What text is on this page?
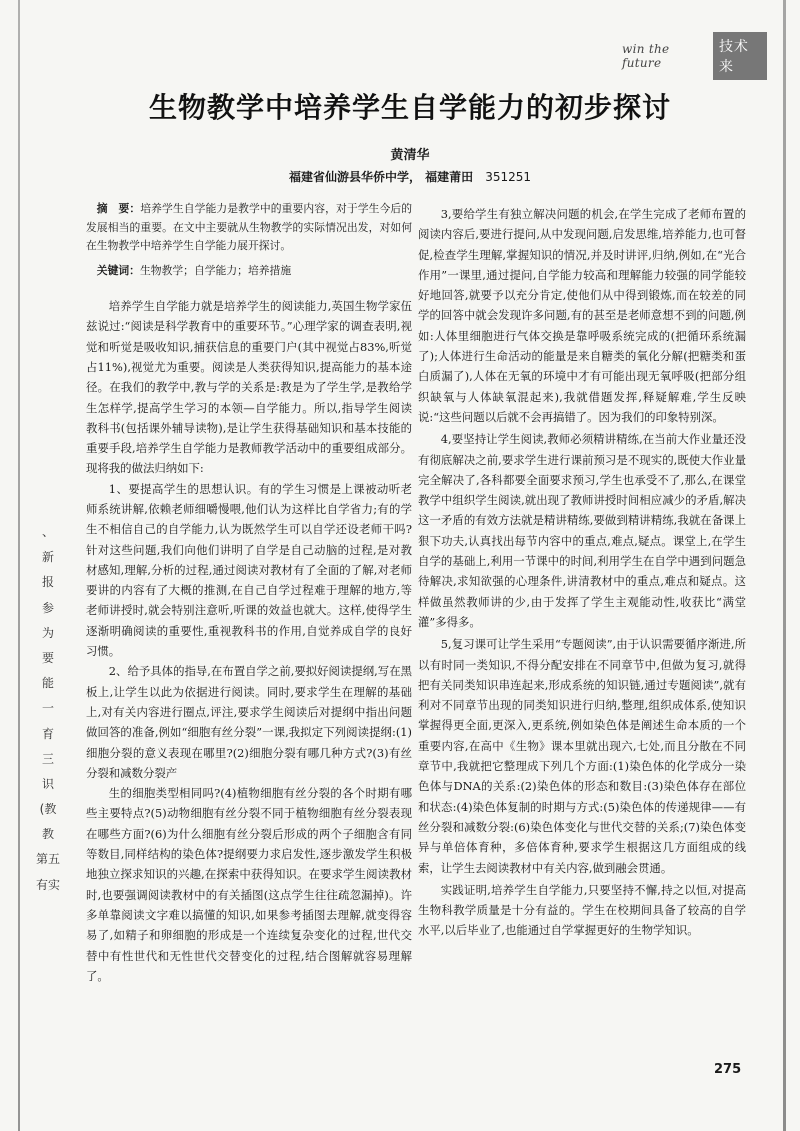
win the future
技术来
生物教学中培养学生自学能力的初步探讨
黄清华
福建省仙游县华侨中学， 福建莆田 351251
、
新
报
参
为
要
能
一
育
三
识
(教
教
第五
有实

摘　要：培养学生自学能力是教学中的重要内容，对于学生今后的发展相当的重要。在文中主要就从生物教学的实际情况出发，对如何在生物教学中培养学生自学能力展开探讨。

关键词：生物教学；自学能力；培养措施

培养学生自学能力就是培养学生的阅读能力,英国生物学家伍兹说过:“阅读是科学教育中的重要环节。”心理学家的调查表明,视觉和听觉是吸收知识,捕获信息的重要门户(其中视觉占83%,听觉占11%),视觉尤为重要。阅读是人类获得知识,提高能力的基本途径。在我们的教学中,教与学的关系是:教是为了学生学,是教给学生怎样学,提高学生学习的本领—自学能力。所以,指导学生阅读教科书(包括课外辅导读物),是让学生获得基础知识和基本技能的重要手段,培养学生自学能力是教师教学活动中的重要组成部分。现将我的做法归纳如下:

1、要提高学生的思想认识。有的学生习惯是上课被动听老师系统讲解,依赖老师细嚼慢喂,他们认为这样比自学省力;有的学生不相信自己的自学能力,认为既然学生可以自学还设老师干吗?针对这些问题,我们向他们讲明了自学是自己动脑的过程,是对教材感知,理解,分析的过程,通过阅读对教材有了全面的了解,对老师要讲的内容有了大概的推测,在自己自学过程难于理解的地方,等老师讲授时,就会特别注意听,听课的效益也就大。这样,使得学生逐渐明确阅读的重要性,重视教科书的作用,自觉养成自学的良好习惯。

2、给予具体的指导,在布置自学之前,要拟好阅读提纲,写在黑板上,让学生以此为依据进行阅读。同时,要求学生在理解的基础上,对有关内容进行圈点,评注,要求学生阅读后对提纲中指出问题做回答的准备,例如“细胞有丝分裂”一课,我拟定下列阅读提纲:(1)细胞分裂的意义表现在哪里?(2)细胞分裂有哪几种方式?(3)有丝分裂和减数分裂产

生的细胞类型相同吗?(4)植物细胞有丝分裂的各个时期有哪些主要特点?(5)动物细胞有丝分裂不同于植物细胞有丝分裂表现在哪些方面?(6)为什么细胞有丝分裂后形成的两个子细胞含有同等数目,同样结构的染色体?提纲要力求启发性,逐步激发学生积极地独立探求知识的兴趣,在探索中获得知识。在要求学生阅读教材时,也要强调阅读教材中的有关插图(这点学生往往疏忽漏掉)。许多单靠阅读文字难以搞懂的知识,如果参考插图去理解,就变得容易了,如精子和卵细胞的形成是一个连续复杂变化的过程,世代交替中有性世代和无性世代交替变化的过程,结合图解就容易理解了。

3,要给学生有独立解决问题的机会,在学生完成了老师布置的阅读内容后,要进行提问,从中发现问题,启发思维,培养能力,也可督促,检查学生理解,掌握知识的情况,并及时讲评,归纳,例如,在“光合作用”一课里,通过提问,自学能力较高和理解能力较强的同学能较好地回答,就要予以充分肯定,使他们从中得到锻炼,而在较差的同学的回答中就会发现许多问题,有的甚至是老师意想不到的问题,例如:人体里细胞进行气体交换是靠呼吸系统完成的(把循环系统漏了);人体进行生命活动的能量是来自糖类的氧化分解(把糖类和蛋白质漏了),人体在无氧的环境中才有可能出现无氧呼吸(把部分组织缺氧与人体缺氧混起来),我就借题发挥,释疑解难,学生反映说:“这些问题以后就不会再搞错了。因为我们的印象特别深。

4,要坚持让学生阅读,教师必须精讲精练,在当前大作业量还没有彻底解决之前,要求学生进行课前预习是不现实的,既使大作业量完全解决了,各科都要全面要求预习,学生也承受不了,那么,在课堂教学中组织学生阅读,就出现了教师讲授时间相应减少的矛盾,解决这一矛盾的有效方法就是精讲精练,要做到精讲精练,我就在备课上狠下功夫,认真找出每节内容中的重点,难点,疑点。课堂上,在学生自学的基础上,利用一节课中的时间,利用学生在自学中遇到问题急待解决,求知欲强的心理条件,讲清教材中的重点,难点和疑点。这样做虽然教师讲的少,由于发挥了学生主观能动性,收获比“满堂灌”多得多。

5,复习课可让学生采用“专题阅读”,由于认识需要循序渐进,所以有时同一类知识,不得分配安排在不同章节中,但做为复习,就得把有关同类知识串连起来,形成系统的知识链,通过专题阅读”,就有利对不同章节出现的同类知识进行归纳,整理,组织成体系,使知识掌握得更全面,更深入,更系统,例如染色体是阐述生命本质的一个重要内容,在高中《生物》课本里就出现六,七处,而且分散在不同章节中,我就把它整理成下列几个方面:(1)染色体的化学成分一染色体与DNA的关系:(2)染色体的形态和数目:(3)染色体存在部位和状态:(4)染色体复制的时期与方式:(5)染色体的传递规律——有丝分裂和减数分裂:(6)染色体变化与世代交替的关系;(7)染色体变异与单倍体育种，多倍体育种,要求学生根据这几方面组成的线索，让学生去阅读教材中有关内容,做到融会贯通。

实践证明,培养学生自学能力,只要坚持不懈,持之以恒,对提高生物科教学质量是十分有益的。学生在校期间具备了较高的自学水平,以后毕业了,也能通过自学掌握更好的生物学知识。

275
